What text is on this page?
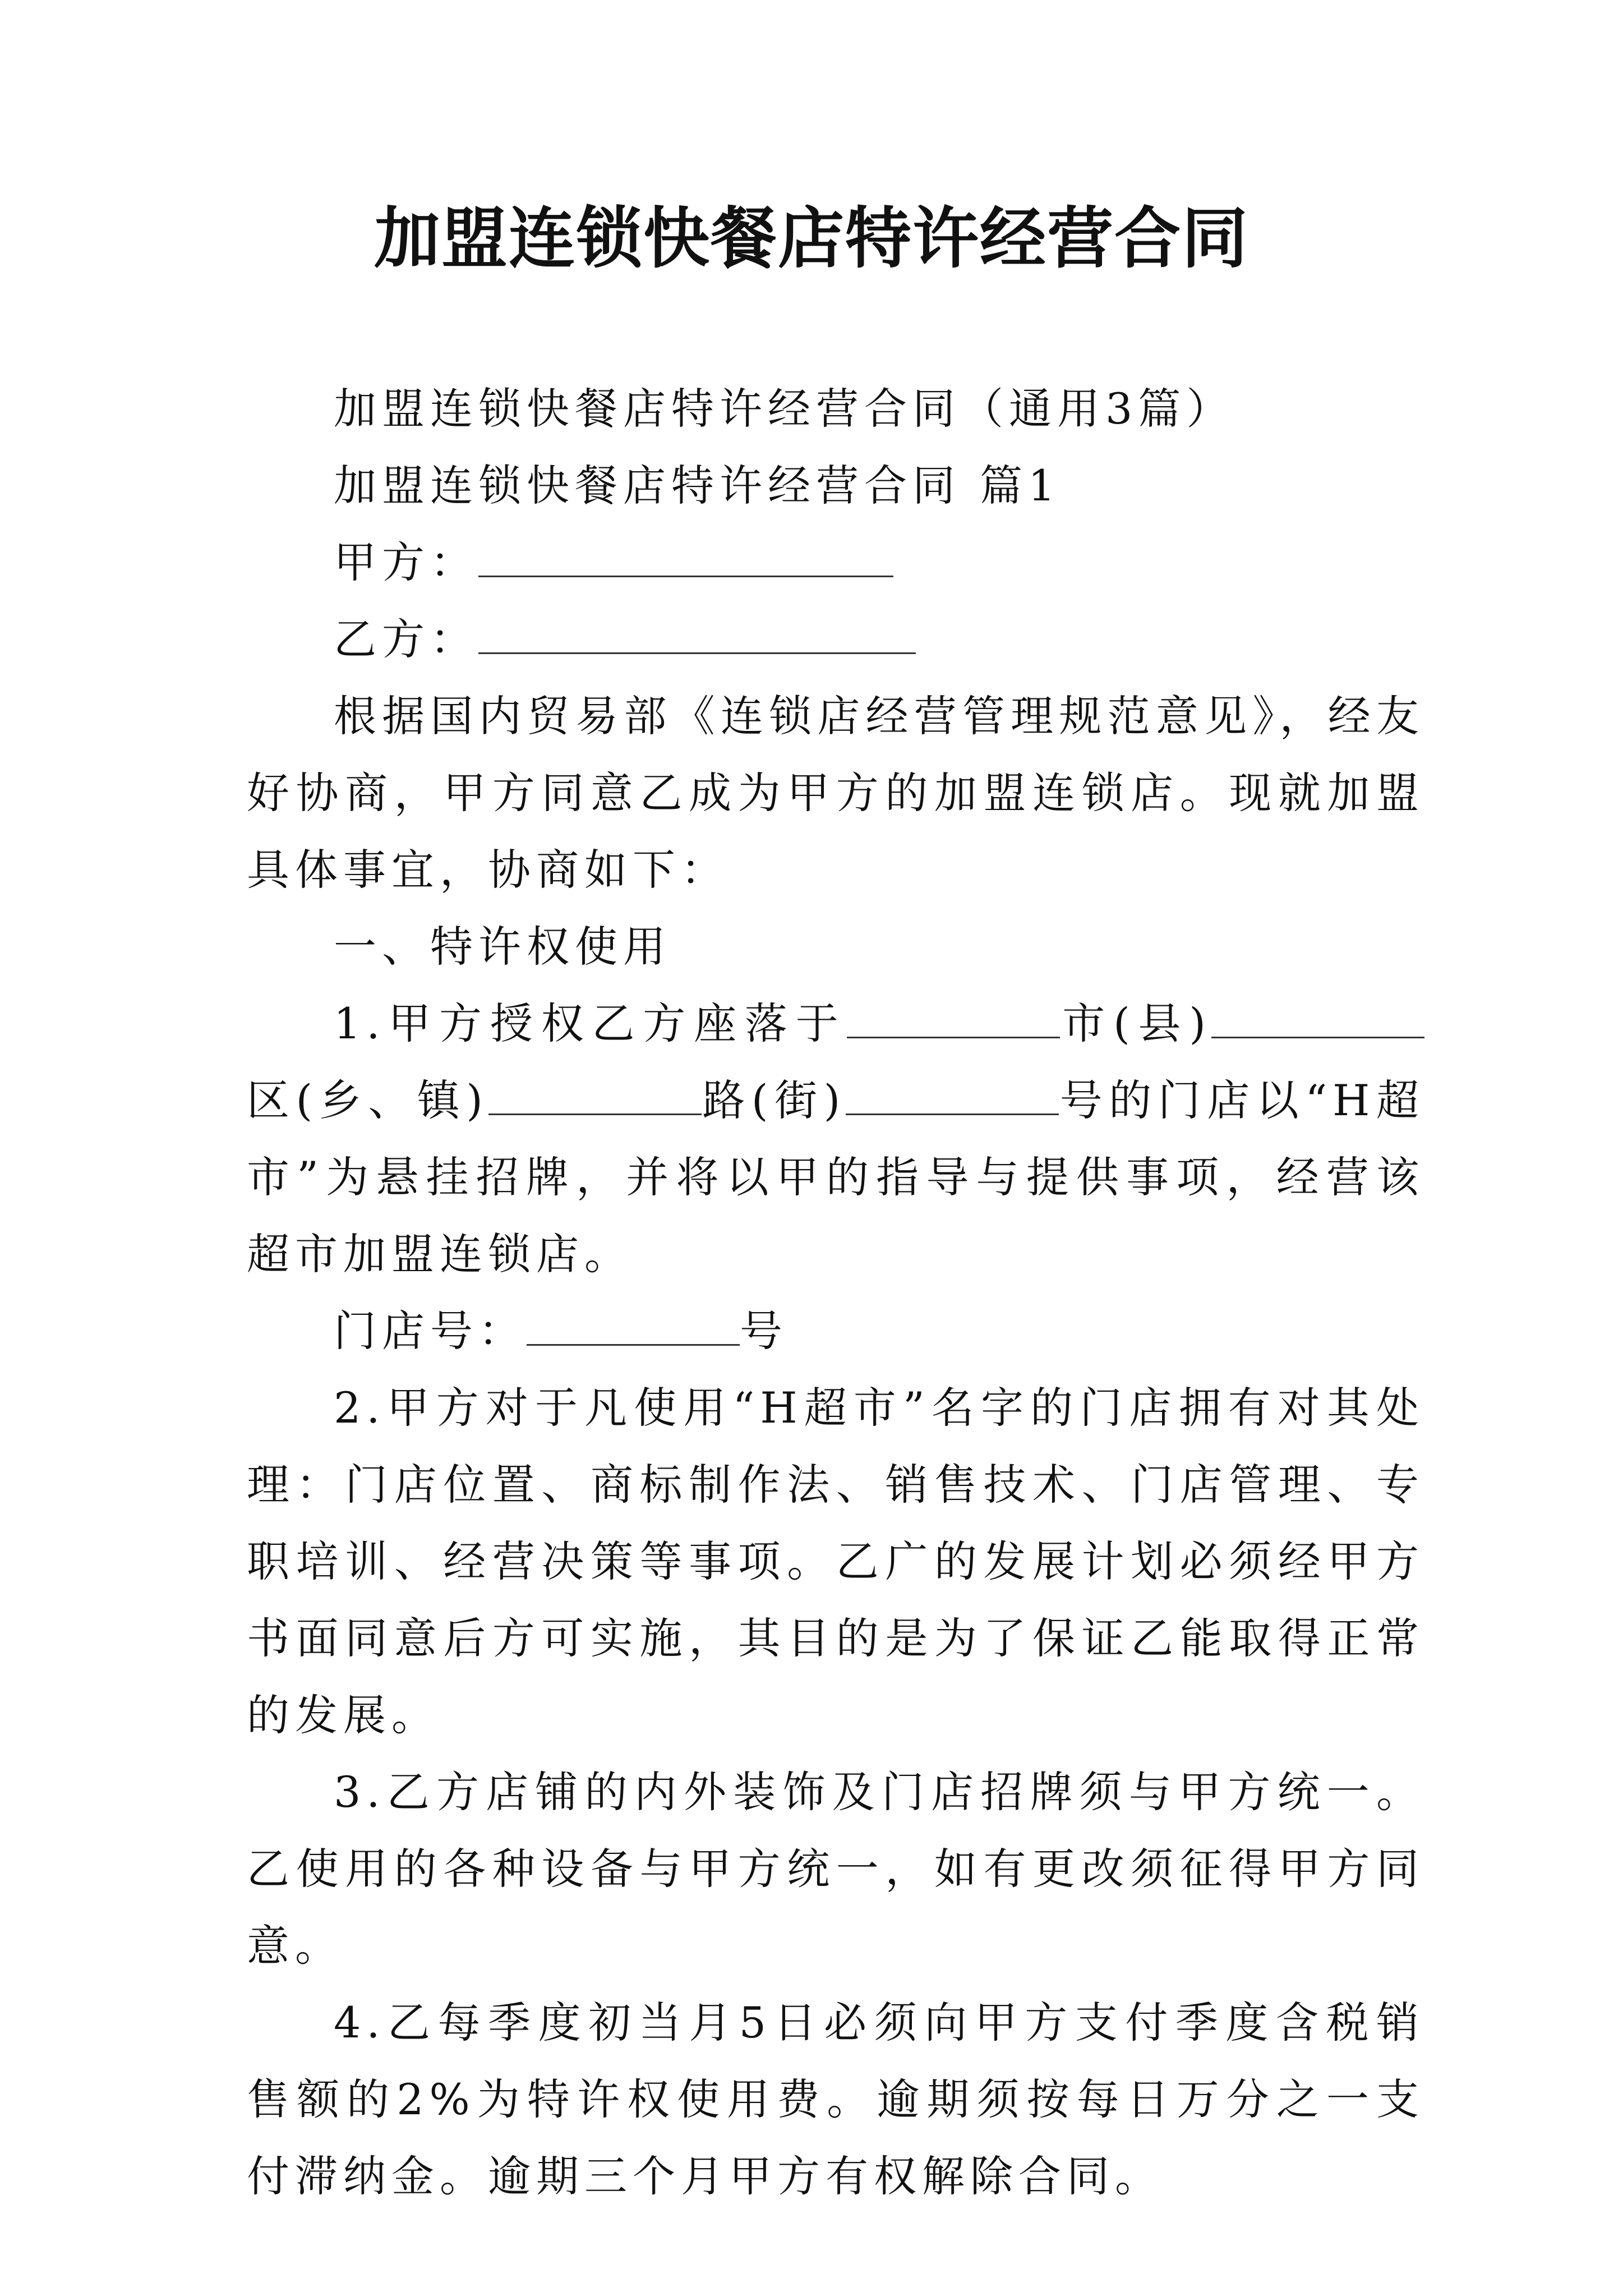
加盟连锁快餐店特许经营合同

加盟连锁快餐店特许经营合同（通用3篇）

加盟连锁快餐店特许经营合同 篇1

甲方：

乙方：

根据国内贸易部《连锁店经营管理规范意见》，经友好协商，甲方同意乙成为甲方的加盟连锁店。现就加盟具体事宜，协商如下：

一、特许权使用

1.甲方授权乙方座落于	市(县)区(乡、镇)	路(街)	号的门店以“H超市”为悬挂招牌，并将以甲的指导与提供事项，经营该超市加盟连锁店。

门店号：	号

2.甲方对于凡使用“H超市”名字的门店拥有对其处理：门店位置、商标制作法、销售技术、门店管理、专职培训、经营决策等事项。乙广的发展计划必须经甲方书面同意后方可实施，其目的是为了保证乙能取得正常的发展。

3.乙方店铺的内外装饰及门店招牌须与甲方统一。乙使用的各种设备与甲方统一，如有更改须征得甲方同意。

4.乙每季度初当月5日必须向甲方支付季度含税销售额的2%为特许权使用费。逾期须按每日万分之一支付滞纳金。逾期三个月甲方有权解除合同。
